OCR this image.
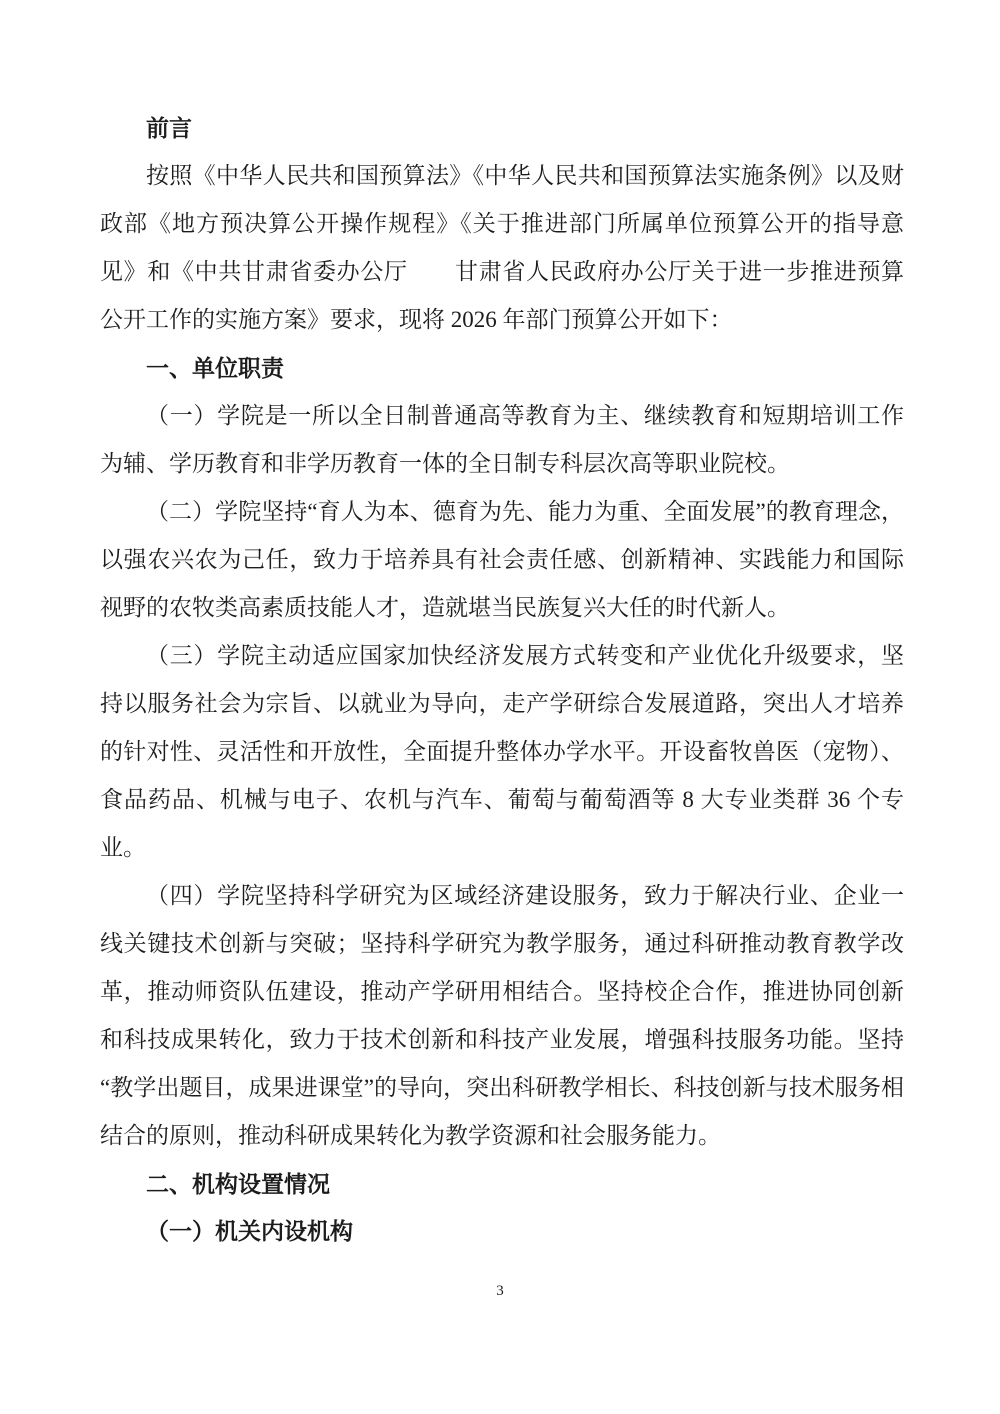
前言

按照《中华人民共和国预算法》《中华人民共和国预算法实施条例》以及财政部《地方预决算公开操作规程》《关于推进部门所属单位预算公开的指导意见》和《中共甘肃省委办公厅　　甘肃省人民政府办公厅关于进一步推进预算公开工作的实施方案》要求，现将 2026 年部门预算公开如下：

一、单位职责

（一）学院是一所以全日制普通高等教育为主、继续教育和短期培训工作为辅、学历教育和非学历教育一体的全日制专科层次高等职业院校。

（二）学院坚持“育人为本、德育为先、能力为重、全面发展”的教育理念，以强农兴农为己任，致力于培养具有社会责任感、创新精神、实践能力和国际视野的农牧类高素质技能人才，造就堪当民族复兴大任的时代新人。

（三）学院主动适应国家加快经济发展方式转变和产业优化升级要求，坚持以服务社会为宗旨、以就业为导向，走产学研综合发展道路，突出人才培养的针对性、灵活性和开放性，全面提升整体办学水平。开设畜牧兽医（宠物）、食品药品、机械与电子、农机与汽车、葡萄与葡萄酒等 8 大专业类群 36 个专业。

（四）学院坚持科学研究为区域经济建设服务，致力于解决行业、企业一线关键技术创新与突破；坚持科学研究为教学服务，通过科研推动教育教学改革，推动师资队伍建设，推动产学研用相结合。坚持校企合作，推进协同创新和科技成果转化，致力于技术创新和科技产业发展，增强科技服务功能。坚持“教学出题目，成果进课堂”的导向，突出科研教学相长、科技创新与技术服务相结合的原则，推动科研成果转化为教学资源和社会服务能力。

二、机构设置情况

（一）机关内设机构

3
